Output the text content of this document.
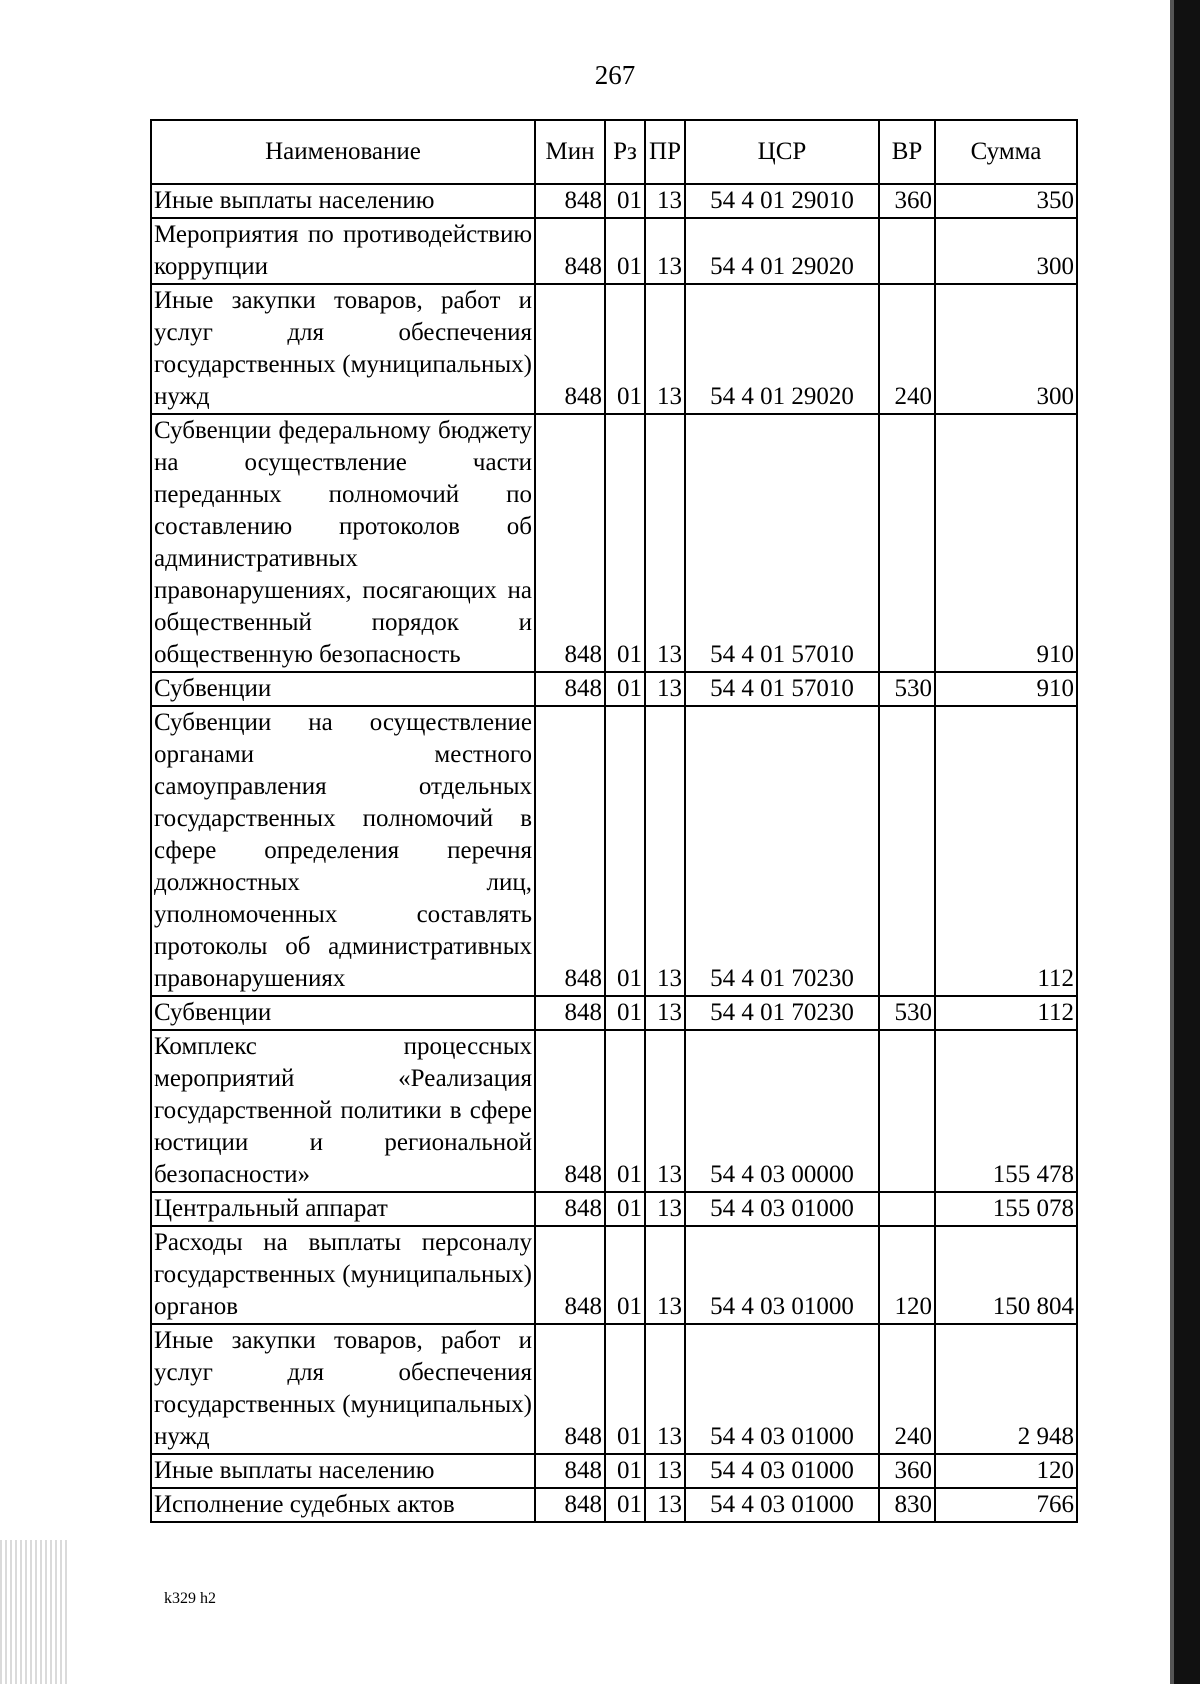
267
Наименование	Мин	Рз	ПР	ЦСР	ВР	Сумма
Иные выплаты населению	848	01	13	54 4 01 29010	360	350
Мероприятия по противодействию коррупции	848	01	13	54 4 01 29020		300
Иные закупки товаров, работ и услуг для обеспечения государственных (муниципальных) нужд	848	01	13	54 4 01 29020	240	300
Субвенции федеральному бюджету на осуществление части переданных полномочий по составлению протоколов об административных правонарушениях, посягающих на общественный порядок и общественную безопасность	848	01	13	54 4 01 57010		910
Субвенции	848	01	13	54 4 01 57010	530	910
Субвенции на осуществление органами местного самоуправления отдельных государственных полномочий в сфере определения перечня должностных лиц, уполномоченных составлять протоколы об административных правонарушениях	848	01	13	54 4 01 70230		112
Субвенции	848	01	13	54 4 01 70230	530	112
Комплекс процессных мероприятий «Реализация государственной политики в сфере юстиции и региональной безопасности»	848	01	13	54 4 03 00000		155 478
Центральный аппарат	848	01	13	54 4 03 01000		155 078
Расходы на выплаты персоналу государственных (муниципальных) органов	848	01	13	54 4 03 01000	120	150 804
Иные закупки товаров, работ и услуг для обеспечения государственных (муниципальных) нужд	848	01	13	54 4 03 01000	240	2 948
Иные выплаты населению	848	01	13	54 4 03 01000	360	120
Исполнение судебных актов	848	01	13	54 4 03 01000	830	766
k329 h2
